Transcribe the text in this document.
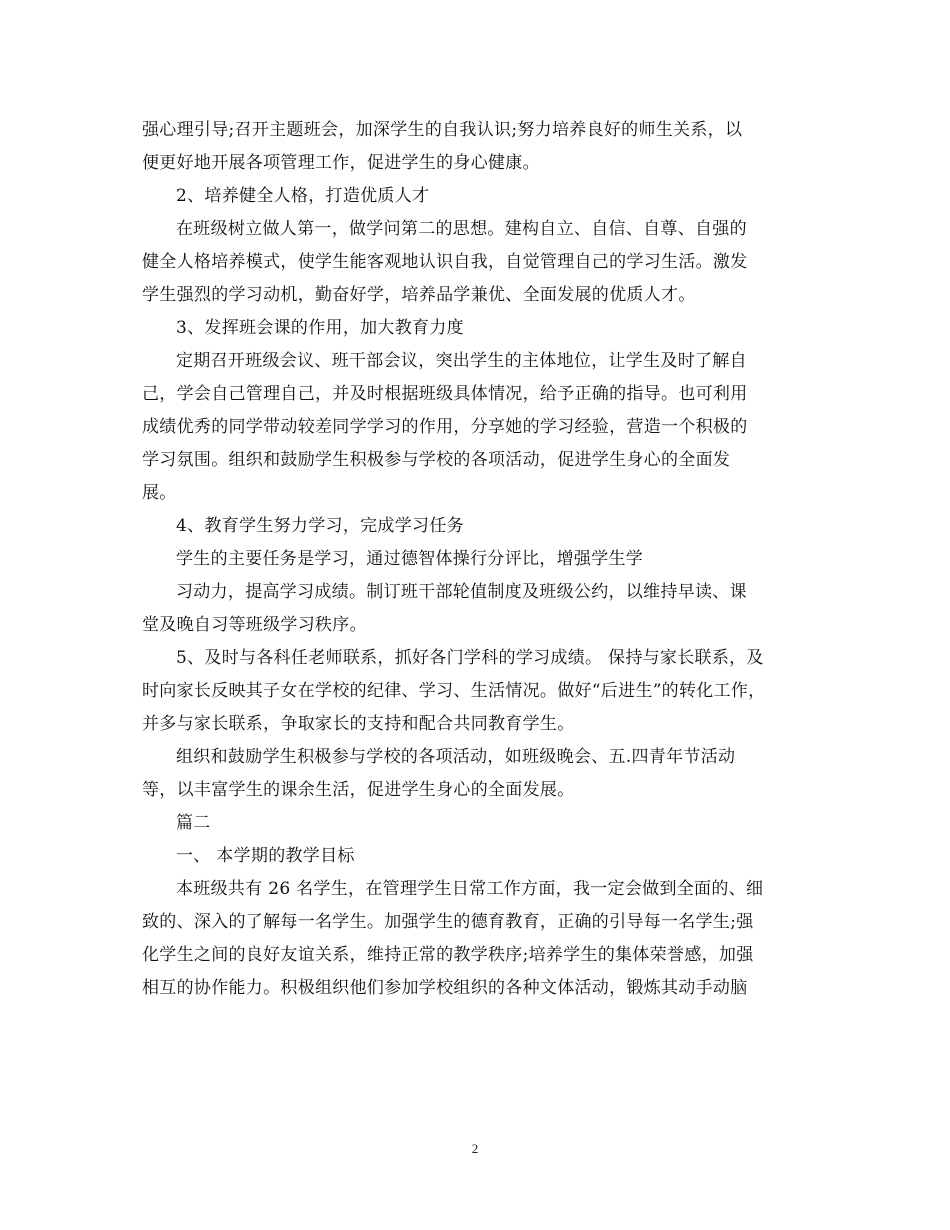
强心理引导;召开主题班会，加深学生的自我认识;努力培养良好的师生关系，以
便更好地开展各项管理工作，促进学生的身心健康。
2、培养健全人格，打造优质人才
在班级树立做人第一，做学问第二的思想。建构自立、自信、自尊、自强的
健全人格培养模式，使学生能客观地认识自我，自觉管理自己的学习生活。激发
学生强烈的学习动机，勤奋好学，培养品学兼优、全面发展的优质人才。
3、发挥班会课的作用，加大教育力度
定期召开班级会议、班干部会议，突出学生的主体地位，让学生及时了解自
己，学会自己管理自己，并及时根据班级具体情况，给予正确的指导。也可利用
成绩优秀的同学带动较差同学学习的作用，分享她的学习经验，营造一个积极的
学习氛围。组织和鼓励学生积极参与学校的各项活动，促进学生身心的全面发
展。
4、教育学生努力学习，完成学习任务
学生的主要任务是学习，通过德智体操行分评比，增强学生学
习动力，提高学习成绩。制订班干部轮值制度及班级公约，以维持早读、课
堂及晚自习等班级学习秩序。
5、及时与各科任老师联系，抓好各门学科的学习成绩。 保持与家长联系，及
时向家长反映其子女在学校的纪律、学习、生活情况。做好“后进生”的转化工作，
并多与家长联系，争取家长的支持和配合共同教育学生。
组织和鼓励学生积极参与学校的各项活动，如班级晚会、五.四青年节活动
等，以丰富学生的课余生活，促进学生身心的全面发展。
篇二
一、 本学期的教学目标
本班级共有 26 名学生，在管理学生日常工作方面，我一定会做到全面的、细
致的、深入的了解每一名学生。加强学生的德育教育，正确的引导每一名学生;强
化学生之间的良好友谊关系，维持正常的教学秩序;培养学生的集体荣誉感，加强
相互的协作能力。积极组织他们参加学校组织的各种文体活动，锻炼其动手动脑
2
